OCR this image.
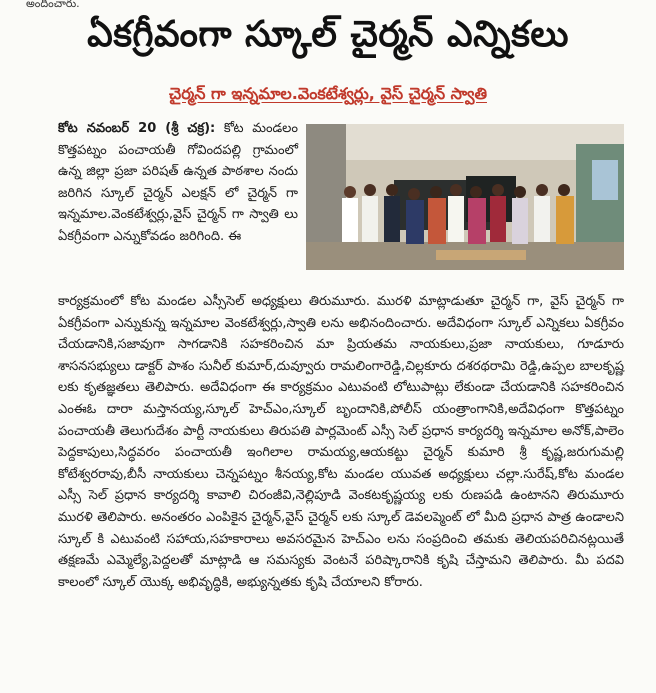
అందించారు.
ఏకగ్రీవంగా స్కూల్ చైర్మన్ ఎన్నికలు
చైర్మన్ గా ఇన్నమాల.వెంకటేశ్వర్లు, వైస్ చైర్మన్ స్వాతి

కోట నవంబర్ 20 (శ్రీ చక్ర): కోట మండలం కొత్తపట్నం పంచాయతీ గోవిందపల్లి గ్రామంలో ఉన్న జిల్లా ప్రజా పరిషత్ ఉన్నత పాఠశాల నందు జరిగిన స్కూల్ చైర్మన్ ఎలక్షన్ లో చైర్మన్ గా ఇన్నమాల.వెంకటేశ్వర్లు,వైస్ చైర్మన్ గా స్వాతి లు ఏకగ్రీవంగా ఎన్నుకోవడం జరిగింది. ఈ

కార్యక్రమంలో కోట మండల ఎస్సీసెల్ అధ్యక్షులు తిరుమూరు. మురళి మాట్లాడుతూ చైర్మన్ గా, వైస్ చైర్మన్ గా ఏకగ్రీవంగా ఎన్నుకున్న ఇన్నమాల వెంకటేశ్వర్లు,స్వాతి లను అభినందించారు. అదేవిధంగా స్కూల్ ఎన్నికలు ఏకగ్రీవం చేయడానికి,సజావుగా సాగడానికి సహకరించిన మా ప్రియతమ నాయకులు,ప్రజా నాయకులు, గూడూరు శాసనసభ్యులు డాక్టర్ పాశం సునీల్ కుమార్,దువ్వూరు రామలింగారెడ్డి,చిల్లకూరు దశరథరామి రెడ్డి,ఉప్పల బాలకృష్ణ లకు కృతజ్ఞతలు తెలిపారు. అదేవిధంగా ఈ కార్యక్రమం ఎటువంటి లోటుపాట్లు లేకుండా చేయడానికి సహకరించిన ఎంఈఓ దారా మస్తానయ్య,స్కూల్ హెచ్ఎం,స్కూల్ బృందానికి,పోలీస్ యంత్రాంగానికి,అదేవిధంగా కొత్తపట్నం పంచాయతీ తెలుగుదేశం పార్టీ నాయకులు తిరుపతి పార్లమెంట్ ఎస్సీ సెల్ ప్రధాన కార్యదర్శి ఇన్నమాల అనోక్,పాలెం పెద్దకాపులు,సిద్ధవరం పంచాయతీ ఇంగిలాల రామయ్య,ఆయకట్టు చైర్మన్ కుమారి శ్రీ కృష్ణ,జరుగుమల్లి కోటేశ్వరరావు,బీసీ నాయకులు చెన్నపట్నం శీనయ్య,కోట మండల యువత అధ్యక్షులు చల్లా.సురేష్,కోట మండల ఎస్సీ సెల్ ప్రధాన కార్యదర్శి కావాలి చిరంజీవి,నెల్లిపూడి వెంకటకృష్ణయ్య లకు రుణపడి ఉంటానని తిరుమూరు మురళి తెలిపారు. అనంతరం ఎంపికైన చైర్మన్,వైస్ చైర్మన్ లకు స్కూల్ డెవలప్మెంట్ లో మీది ప్రధాన పాత్ర ఉండాలని స్కూల్ కి ఎటువంటి సహాయ,సహకారాలు అవసరమైన హెచ్ఎం లను సంప్రదించి తమకు తెలియపరిచినట్లయితే తక్షణమే ఎమ్మెల్యే,పెద్దలతో మాట్లాడి ఆ సమస్యకు వెంటనే పరిష్కారానికి కృషి చేస్తామని తెలిపారు. మీ పదవి కాలంలో స్కూల్ యొక్క అభివృద్ధికి, అభ్యున్నతకు కృషి చేయాలని కోరారు.
